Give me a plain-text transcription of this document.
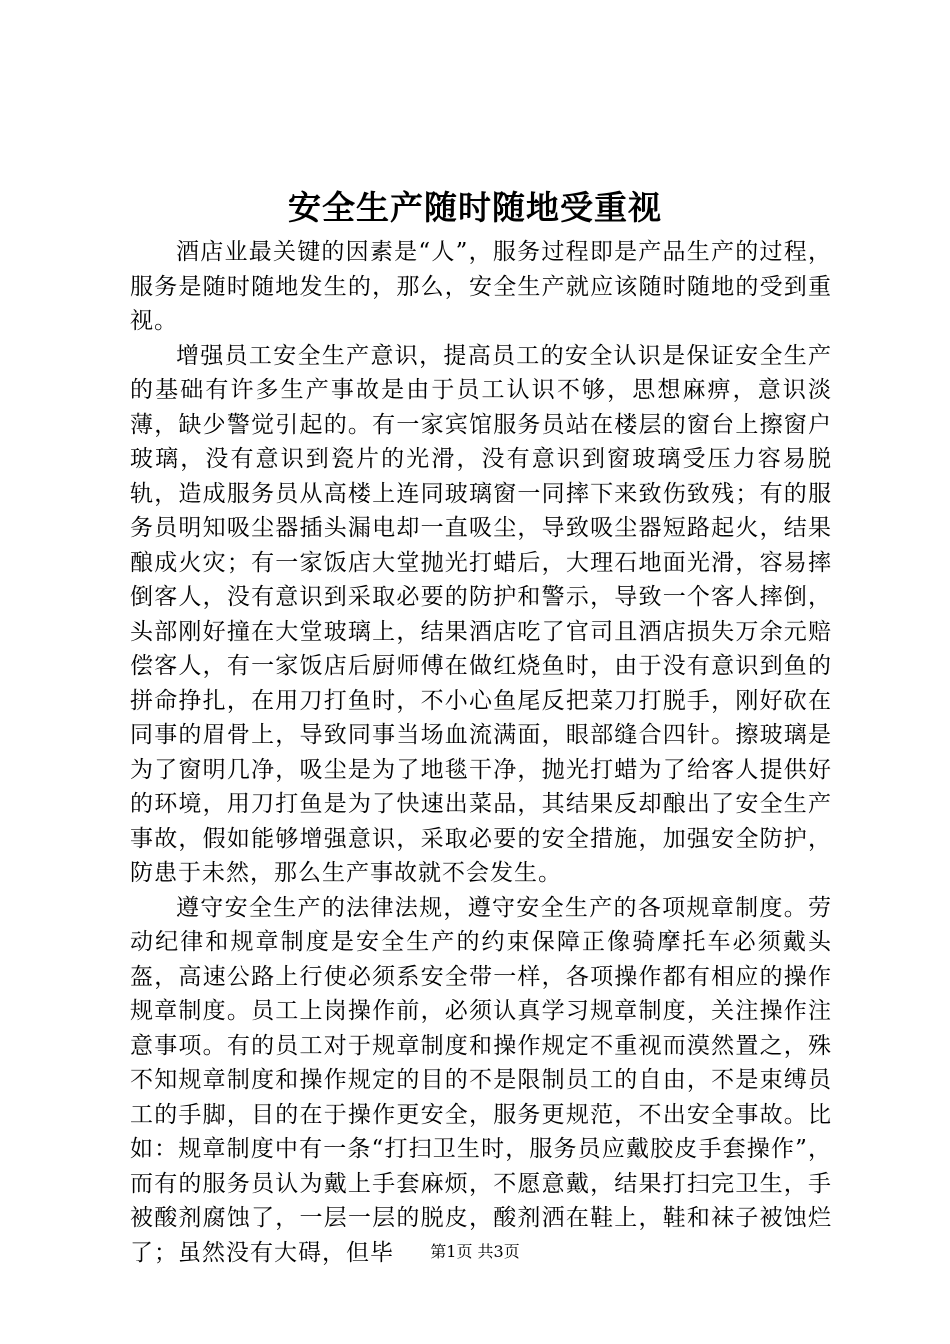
安全生产随时随地受重视

酒店业最关键的因素是“人”，服务过程即是产品生产的过程，服务是随时随地发生的，那么，安全生产就应该随时随地的受到重视。

增强员工安全生产意识，提高员工的安全认识是保证安全生产的基础有许多生产事故是由于员工认识不够，思想麻痹，意识淡薄，缺少警觉引起的。有一家宾馆服务员站在楼层的窗台上擦窗户玻璃，没有意识到瓷片的光滑，没有意识到窗玻璃受压力容易脱轨，造成服务员从高楼上连同玻璃窗一同摔下来致伤致残；有的服务员明知吸尘器插头漏电却一直吸尘，导致吸尘器短路起火，结果酿成火灾；有一家饭店大堂抛光打蜡后，大理石地面光滑，容易摔倒客人，没有意识到采取必要的防护和警示，导致一个客人摔倒，头部刚好撞在大堂玻璃上，结果酒店吃了官司且酒店损失万余元赔偿客人，有一家饭店后厨师傅在做红烧鱼时，由于没有意识到鱼的拼命挣扎，在用刀打鱼时，不小心鱼尾反把菜刀打脱手，刚好砍在同事的眉骨上，导致同事当场血流满面，眼部缝合四针。擦玻璃是为了窗明几净，吸尘是为了地毯干净，抛光打蜡为了给客人提供好的环境，用刀打鱼是为了快速出菜品，其结果反却酿出了安全生产事故，假如能够增强意识，采取必要的安全措施，加强安全防护，防患于未然，那么生产事故就不会发生。

遵守安全生产的法律法规，遵守安全生产的各项规章制度。劳动纪律和规章制度是安全生产的约束保障正像骑摩托车必须戴头盔，高速公路上行使必须系安全带一样，各项操作都有相应的操作规章制度。员工上岗操作前，必须认真学习规章制度，关注操作注意事项。有的员工对于规章制度和操作规定不重视而漠然置之，殊不知规章制度和操作规定的目的不是限制员工的自由，不是束缚员工的手脚，目的在于操作更安全，服务更规范，不出安全事故。比如：规章制度中有一条“打扫卫生时，服务员应戴胶皮手套操作”，而有的服务员认为戴上手套麻烦，不愿意戴，结果打扫完卫生，手被酸剂腐蚀了，一层一层的脱皮，酸剂洒在鞋上，鞋和袜子被蚀烂了；虽然没有大碍，但毕	第1页 共3页
